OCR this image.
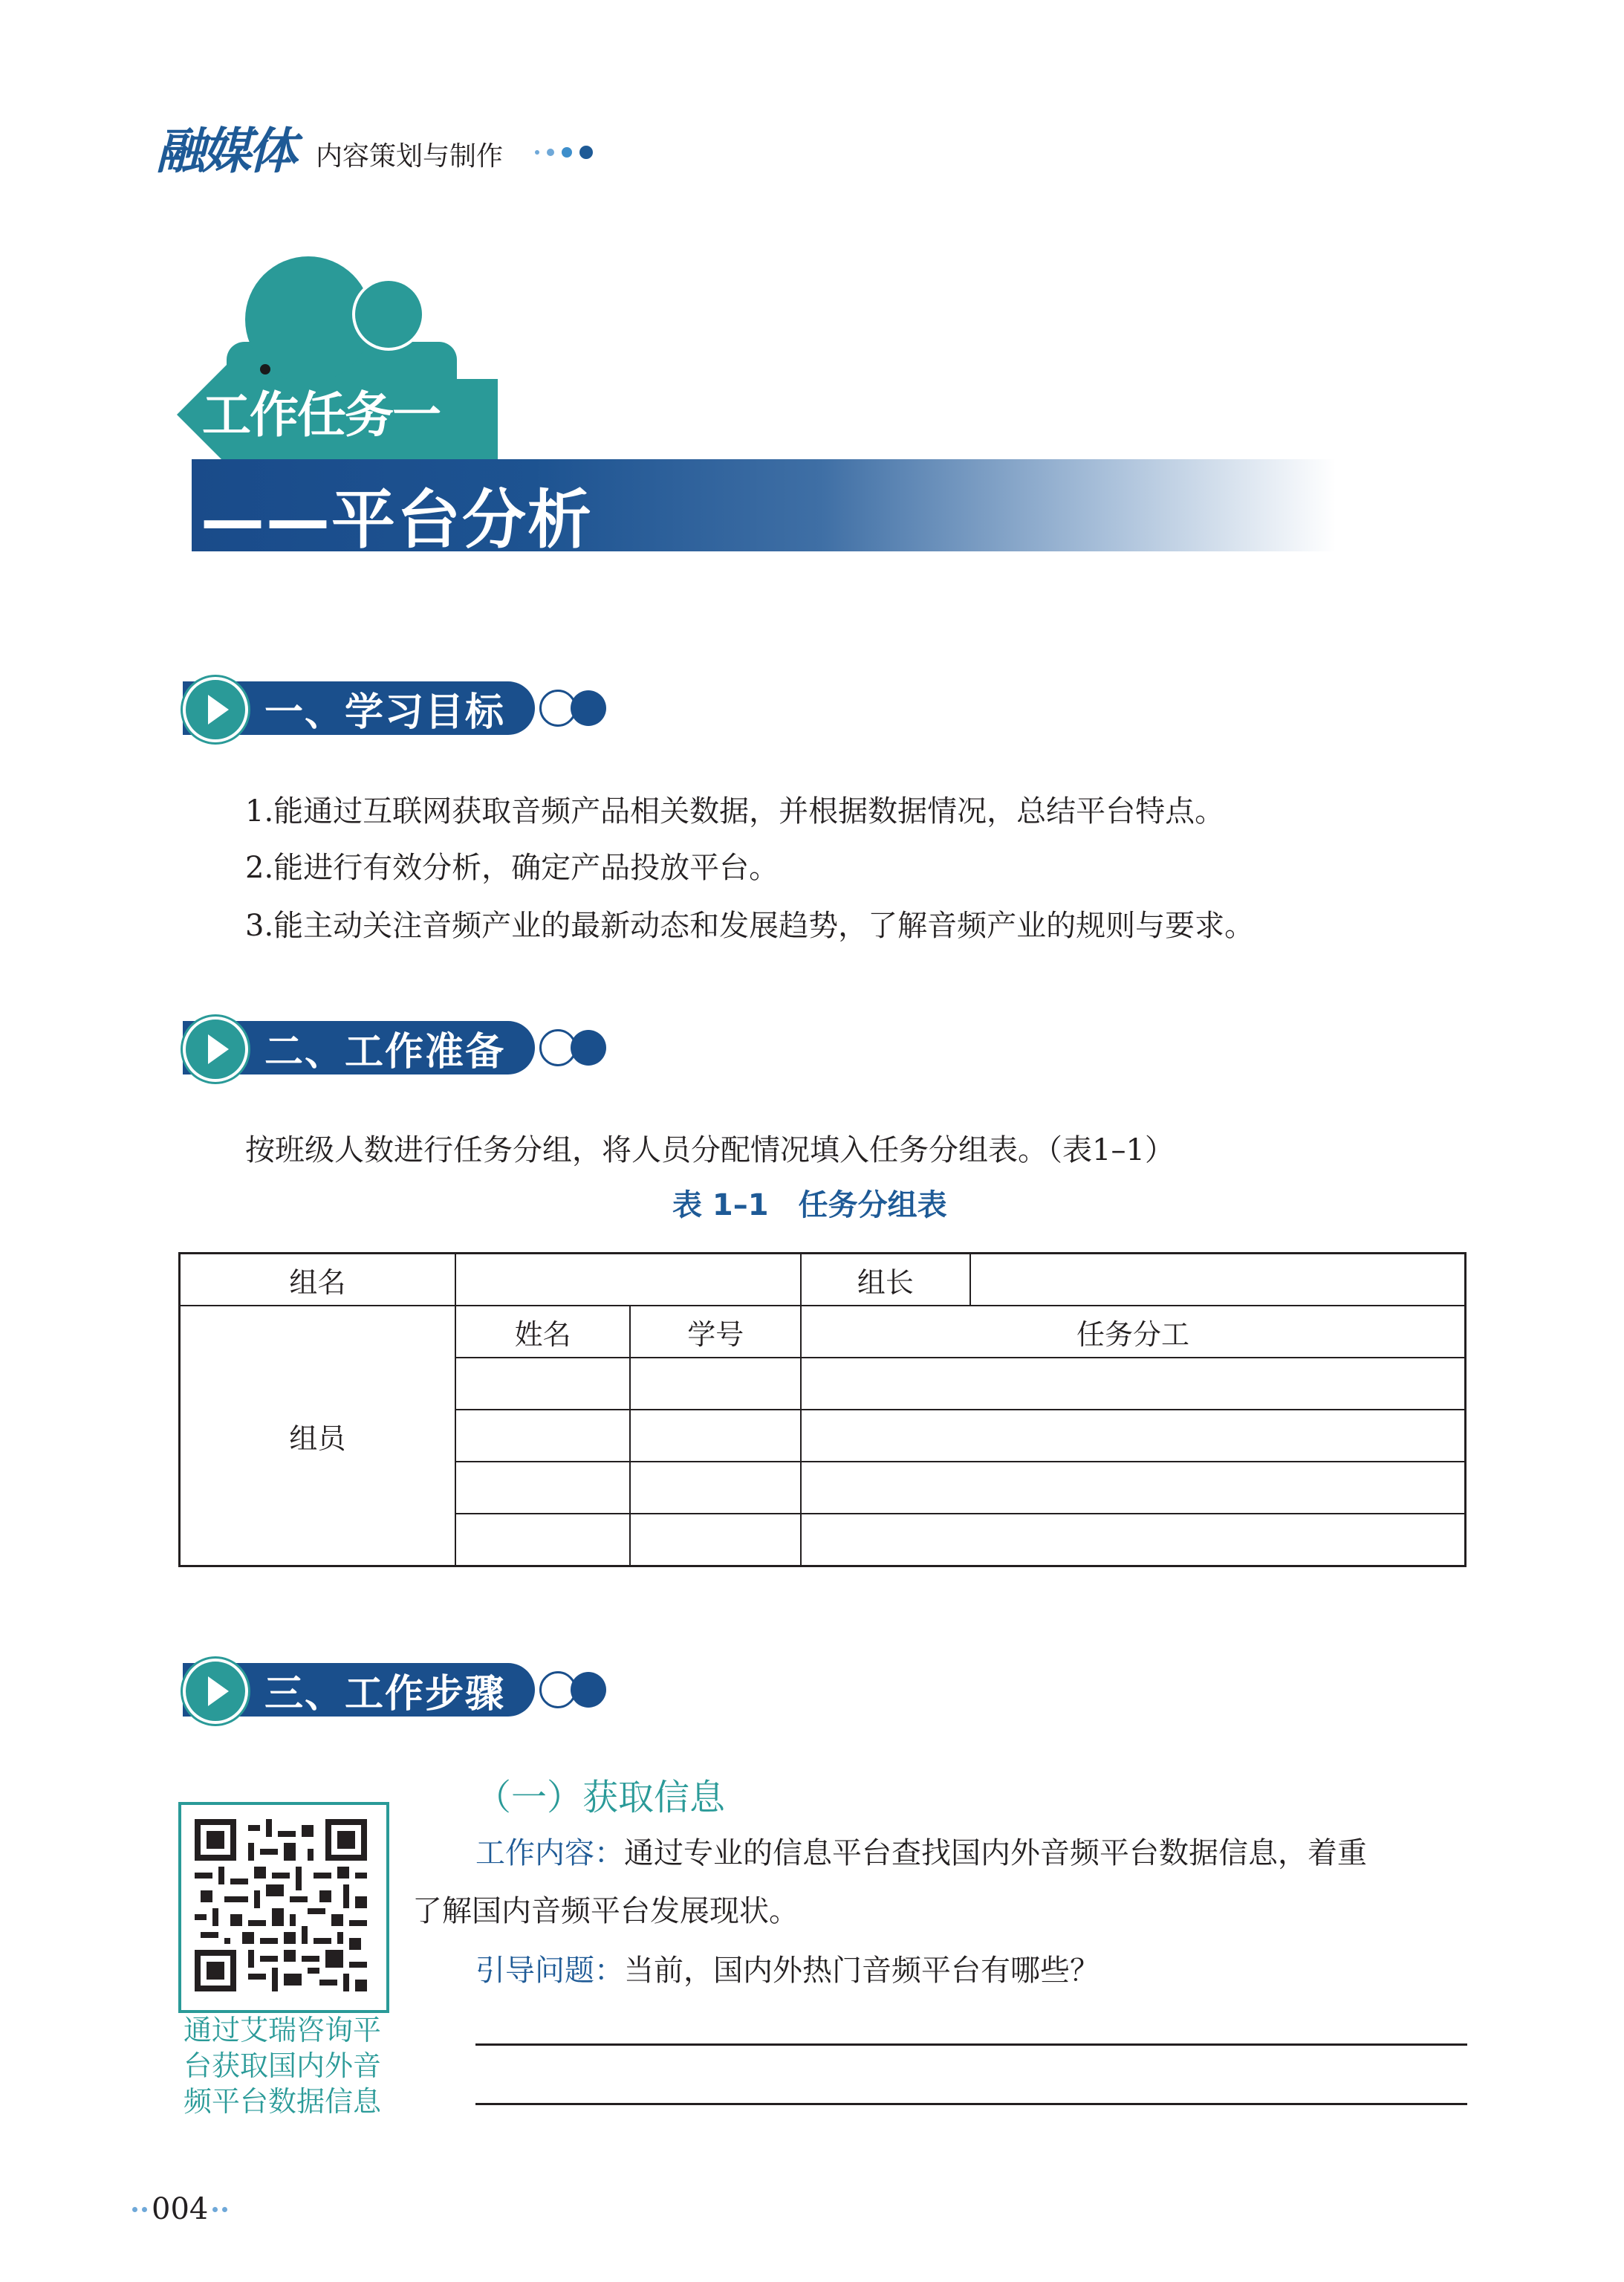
融媒体 内容策划与制作
工作任务一
——平台分析
一、学习目标
1.能通过互联网获取音频产品相关数据，并根据数据情况，总结平台特点。
2.能进行有效分析，确定产品投放平台。
3.能主动关注音频产业的最新动态和发展趋势，了解音频产业的规则与要求。
二、工作准备
按班级人数进行任务分组，将人员分配情况填入任务分组表。（表1–1）
表 1–1　任务分组表
组名			组长	
组员	姓名	学号	任务分工	

三、工作步骤
（一）获取信息
工作内容：通过专业的信息平台查找国内外音频平台数据信息，着重
了解国内音频平台发展现状。
引导问题：当前，国内外热门音频平台有哪些？
通过艾瑞咨询平
台获取国内外音
频平台数据信息
004
